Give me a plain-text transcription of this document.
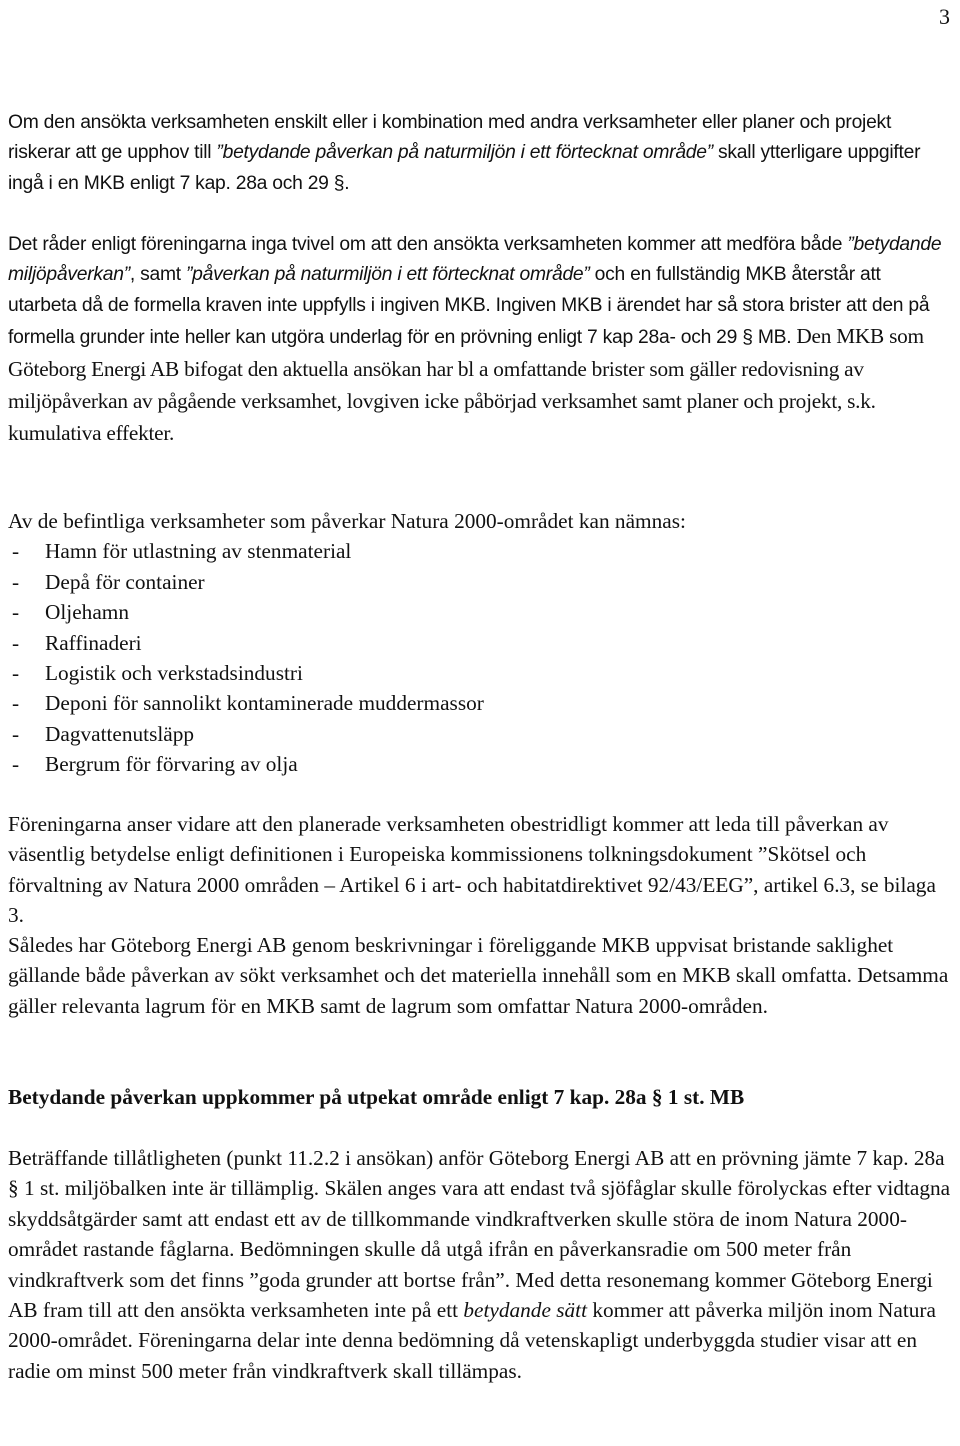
3

Om den ansökta verksamheten enskilt eller i kombination med andra verksamheter eller planer och projekt riskerar att ge upphov till ”betydande påverkan på naturmiljön i ett förtecknat område” skall ytterligare uppgifter ingå i en MKB enligt 7 kap. 28a och 29 §.

Det råder enligt föreningarna inga tvivel om att den ansökta verksamheten kommer att medföra både ”betydande miljöpåverkan”, samt ”påverkan på naturmiljön i ett förtecknat område” och en fullständig MKB återstår att utarbeta då de formella kraven inte uppfylls i ingiven MKB. Ingiven MKB i ärendet har så stora brister att den på formella grunder inte heller kan utgöra underlag för en prövning enligt 7 kap 28a- och 29 § MB. Den MKB som Göteborg Energi AB bifogat den aktuella ansökan har bl a omfattande brister som gäller redovisning av miljöpåverkan av pågående verksamhet, lovgiven icke påbörjad verksamhet samt planer och projekt, s.k. kumulativa effekter.

Av de befintliga verksamheter som påverkar Natura 2000-området kan nämnas:
- Hamn för utlastning av stenmaterial
- Depå för container
- Oljehamn
- Raffinaderi
- Logistik och verkstadsindustri
- Deponi för sannolikt kontaminerade muddermassor
- Dagvattenutsläpp
- Bergrum för förvaring av olja

Föreningarna anser vidare att den planerade verksamheten obestridligt kommer att leda till påverkan av väsentlig betydelse enligt definitionen i Europeiska kommissionens tolkningsdokument ”Skötsel och förvaltning av Natura 2000 områden – Artikel 6 i art- och habitatdirektivet 92/43/EEG”, artikel 6.3, se bilaga 3.

Således har Göteborg Energi AB genom beskrivningar i föreliggande MKB uppvisat bristande saklighet gällande både påverkan av sökt verksamhet och det materiella innehåll som en MKB skall omfatta. Detsamma gäller relevanta lagrum för en MKB samt de lagrum som omfattar Natura 2000-områden.

Betydande påverkan uppkommer på utpekat område enligt 7 kap. 28a § 1 st. MB

Beträffande tillåtligheten (punkt 11.2.2 i ansökan) anför Göteborg Energi AB att en prövning jämte 7 kap. 28a § 1 st. miljöbalken inte är tillämplig. Skälen anges vara att endast två sjöfåglar skulle förolyckas efter vidtagna skyddsåtgärder samt att endast ett av de tillkommande vindkraftverken skulle störa de inom Natura 2000-området rastande fåglarna. Bedömningen skulle då utgå ifrån en påverkansradie om 500 meter från vindkraftverk som det finns ”goda grunder att bortse från”. Med detta resonemang kommer Göteborg Energi AB fram till att den ansökta verksamheten inte på ett betydande sätt kommer att påverka miljön inom Natura 2000-området. Föreningarna delar inte denna bedömning då vetenskapligt underbyggda studier visar att en radie om minst 500 meter från vindkraftverk skall tillämpas.
